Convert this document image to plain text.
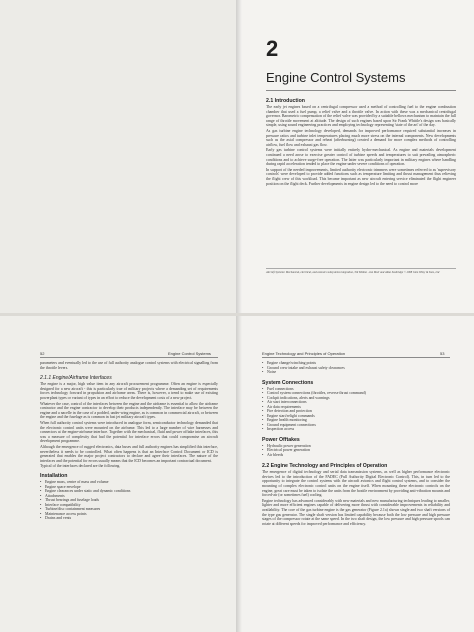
2
Engine Control Systems
2.1 Introduction

The early jet engines based on a centrifugal compressor used a method of controlling fuel to the engine combustion chamber that used a fuel pump, a relief valve and a throttle valve. In action with these was a mechanical centrifugal governor. Barometric compensation of the relief valve was provided by a suitable bellows mechanism to maintain the full range of throttle movement at altitude. The design of such engines based upon Sir Frank Whittle's design was basically simple, using sound engineering practices and employing technology representing 'state of the art' of the day.

As gas turbine engine technology developed, demands for improved performance required substantial increases in pressure ratios and turbine inlet temperatures placing much more stress on the internal components. New developments such as the axial compressor and reheat (afterburning) created a demand for more complex methods of controlling airflow, fuel flow and exhaust gas flow.

Early gas turbine control systems were initially entirely hydro-mechanical. As engine and materials development continued a need arose to exercise greater control of turbine speeds and temperatures to suit prevailing atmospheric conditions and to achieve surge-free operation. The latter was particularly important in military engines where handling during rapid acceleration tended to place the engine under severe conditions of operation.

In support of the needed improvements, limited authority electronic trimmers were sometimes referred to as 'supervisory controls' were developed to provide added functions such as temperature limiting and thrust management thus relieving the flight crew of this workload. This became important as new aircraft entering service eliminated the flight engineer position on the flight deck. Further developments in engine design led to the need to control more

Aircraft Systems: Mechanical, electrical, and avionics subsystems integration, 3rd Edition - Ian Moir and Allan Seabridge © 2008 John Wiley & Sons, Ltd
52	Engine Control Systems

parameters and eventually led to the use of full authority analogue control systems with electrical signalling from the throttle levers.

2.1.1 Engine/Airframe Interfaces

The engine is a major, high value item in any aircraft procurement programme. Often an engine is especially designed for a new aircraft - this is particularly true of military projects where a demanding set of requirements forces technology forward in propulsion and airframe areas. There is, however, a trend to make use of existing powerplant types or variant of types in an effort to reduce the development costs of a new project.

Whatever the case, control of the interfaces between the engine and the airframe is essential to allow the airframe contractor and the engine contractor to develop their products independently. The interface may be between the engine and a nacelle in the case of a podded, under-wing engine, as is common in commercial aircraft, or between the engine and the fuselage as is common in fast jet military aircraft types.

When full authority control systems were introduced in analogue form, semiconductor technology demanded that the electronic control units were mounted on the airframe. This led to a large number of wire harnesses and connectors at the engine-airframe interface. Together with the mechanical, fluid and power offtake interfaces, this was a measure of complexity that had the potential for interface errors that could compromise an aircraft development programme.

Although the emergence of rugged electronics, data buses and full authority engines has simplified this interface, nevertheless it needs to be controlled. What often happens is that an Interface Control Document or ICD is generated that enables the major project contractors to declare and agree their interfaces. The nature of the interfaces and the potential for errors usually means that the ICD becomes an important contractual document.

Typical of the interfaces declared are the following.

Installation
• Engine mass, centre of mass and volume
• Engine space envelope
• Engine clearances under static and dynamic conditions
• Attachments
• Thrust bearings and fuselage loads
• Interface compatibility
• Turbine/disc containment measures
• Maintenance access points
• Drains and vents
Engine Technology and Principles of Operation	53
• Engine change/winching points
• Ground crew intake and exhaust safety clearances
• Noise
System Connections
• Fuel connections
• Control system connections (throttles, reverse thrust command)
• Cockpit indications, alerts and warnings
• Air start interconnections
• Air data requirements
• Fire detection and protection
• Engine start/relight commands
• Engine health monitoring
• Ground equipment connections
• Inspection access
Power Offtakes
• Hydraulic power generation
• Electrical power generation
• Air bleeds
2.2 Engine Technology and Principles of Operation

The emergence of digital technology and serial data transmission systems, as well as higher performance electronic devices led to the introduction of the FADEC (Full Authority Digital Electronic Control). This, in turn led to the opportunity to integrate the control systems with the aircraft avionics and flight control systems, and to consider the mounting of complex electronic control units on the engine itself. When mounting these electronic controls on the engine, great care must be taken to isolate the units from the hostile environment by providing anti-vibration mounts and forced-air (or sometimes fuel) cooling.

Engine technology has advanced considerably with new materials and new manufacturing techniques leading to smaller, lighter and more efficient engines capable of delivering more thrust with considerable improvements in reliability and availability. The core of the gas turbine engine is the gas generator (Figure 2.1a) shown single and two shaft versions of the type gas generator. The single shaft version has limited capability because both the low pressure and high pressure stages of the compressor rotate at the same speed. In the two shaft design, the low pressure and high pressure spools can rotate at different speeds for improved performance and efficiency.
